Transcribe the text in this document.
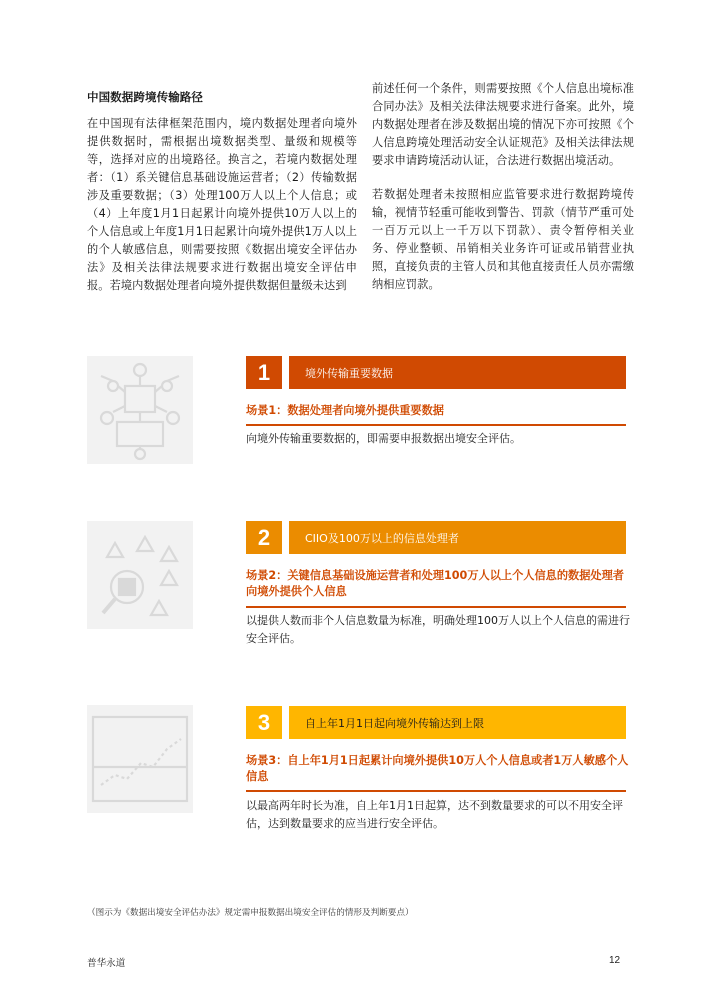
中国数据跨境传输路径
在中国现有法律框架范围内，境内数据处理者向境外提供数据时，需根据出境数据类型、量级和规模等等，选择对应的出境路径。换言之，若境内数据处理者：（1）系关键信息基础设施运营者；（2）传输数据涉及重要数据；（3）处理100万人以上个人信息；或（4）上年度1月1日起累计向境外提供10万人以上的个人信息或上年度1月1日起累计向境外提供1万人以上的个人敏感信息，则需要按照《数据出境安全评估办法》及相关法律法规要求进行数据出境安全评估申报。若境内数据处理者向境外提供数据但量级未达到
前述任何一个条件，则需要按照《个人信息出境标准合同办法》及相关法律法规要求进行备案。此外，境内数据处理者在涉及数据出境的情况下亦可按照《个人信息跨境处理活动安全认证规范》及相关法律法规要求申请跨境活动认证，合法进行数据出境活动。
若数据处理者未按照相应监管要求进行数据跨境传输，视情节轻重可能收到警告、罚款（情节严重可处一百万元以上一千万以下罚款）、责令暂停相关业务、停业整顿、吊销相关业务许可证或吊销营业执照，直接负责的主管人员和其他直接责任人员亦需缴纳相应罚款。
1	境外传输重要数据
场景1：数据处理者向境外提供重要数据
向境外传输重要数据的，即需要申报数据出境安全评估。
2	CIIO及100万以上的信息处理者
场景2：关键信息基础设施运营者和处理100万人以上个人信息的数据处理者向境外提供个人信息
以提供人数而非个人信息数量为标准，明确处理100万人以上个人信息的需进行安全评估。
3	自上年1月1日起向境外传输达到上限
场景3：自上年1月1日起累计向境外提供10万人个人信息或者1万人敏感个人信息
以最高两年时长为准，自上年1月1日起算，达不到数量要求的可以不用安全评估，达到数量要求的应当进行安全评估。
（图示为《数据出境安全评估办法》规定需申报数据出境安全评估的情形及判断要点）
普华永道	12
